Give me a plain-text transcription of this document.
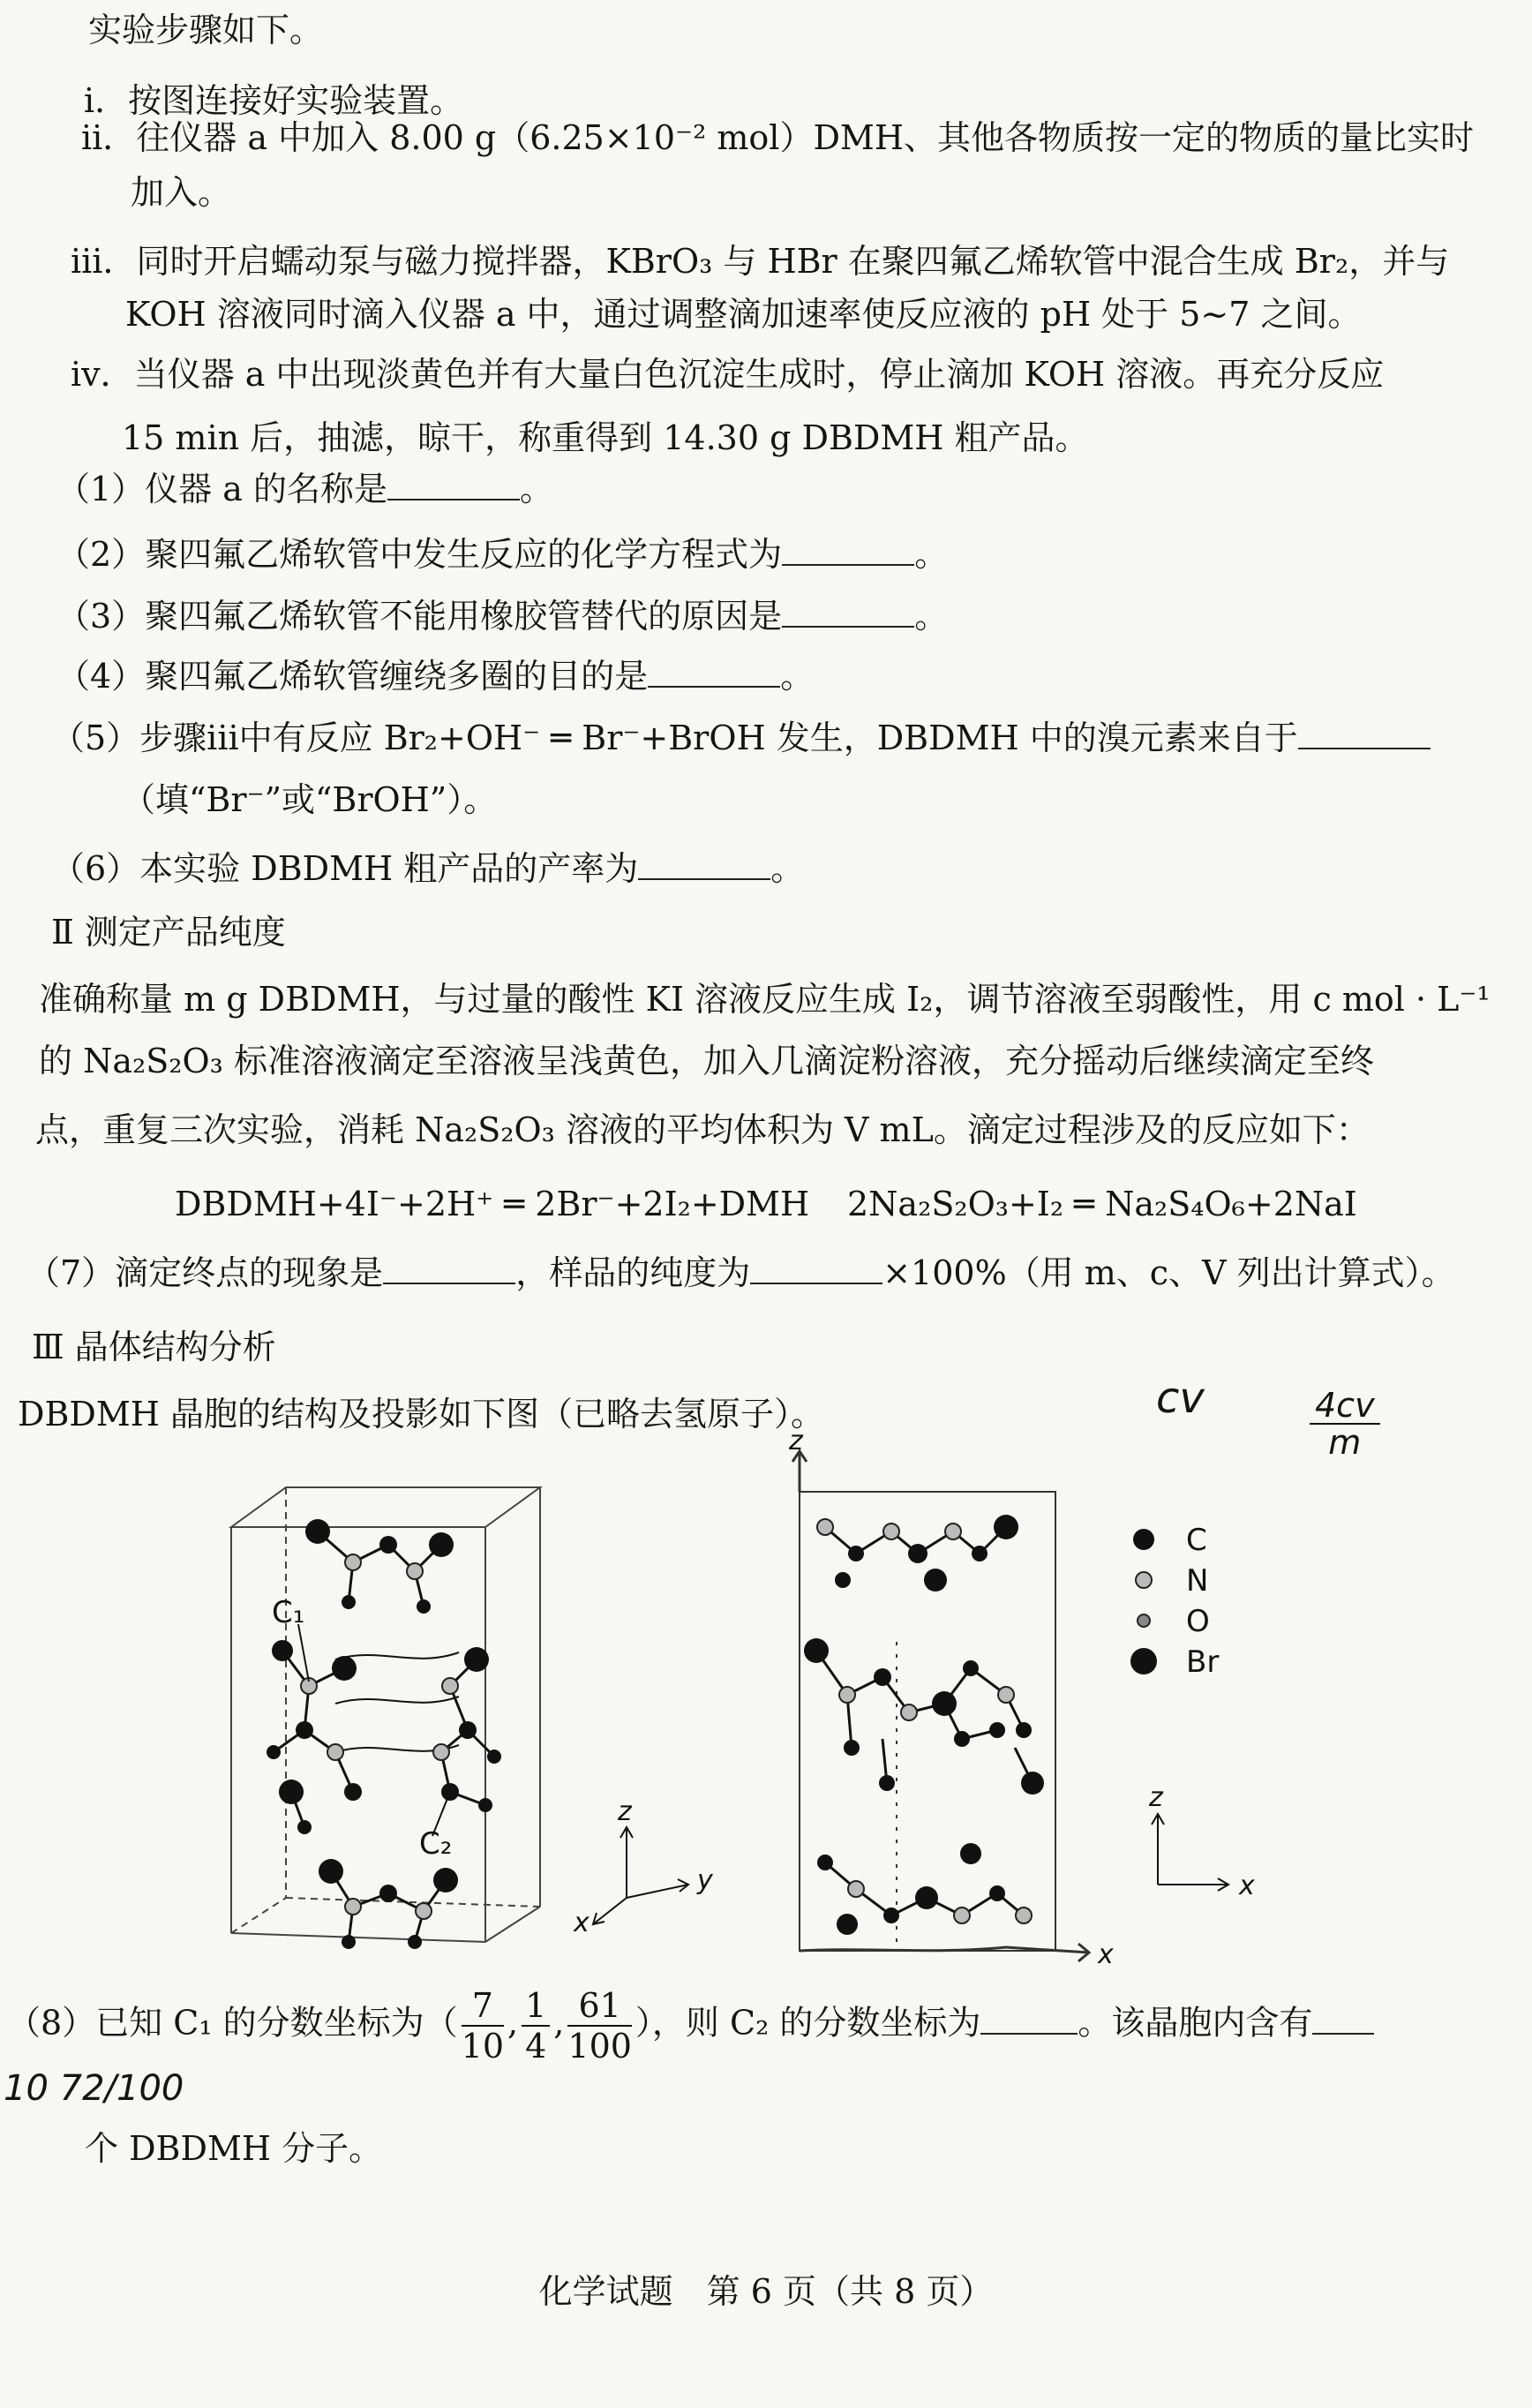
实验步骤如下。
i．按图连接好实验装置。
ii．往仪器 a 中加入 8.00 g（6.25×10⁻² mol）DMH、其他各物质按一定的物质的量比实时
加入。
iii．同时开启蠕动泵与磁力搅拌器，KBrO₃ 与 HBr 在聚四氟乙烯软管中混合生成 Br₂，并与
KOH 溶液同时滴入仪器 a 中，通过调整滴加速率使反应液的 pH 处于 5~7 之间。
iv．当仪器 a 中出现淡黄色并有大量白色沉淀生成时，停止滴加 KOH 溶液。再充分反应
15 min 后，抽滤，晾干，称重得到 14.30 g DBDMH 粗产品。
（1）仪器 a 的名称是	。
（2）聚四氟乙烯软管中发生反应的化学方程式为	。
（3）聚四氟乙烯软管不能用橡胶管替代的原因是	。
（4）聚四氟乙烯软管缠绕多圈的目的是	。
（5）步骤iii中有反应 Br₂+OH⁻ ═ Br⁻+BrOH 发生，DBDMH 中的溴元素来自于
（填“Br⁻”或“BrOH”）。
（6）本实验 DBDMH 粗产品的产率为	。
Ⅱ 测定产品纯度
准确称量 m g DBDMH，与过量的酸性 KI 溶液反应生成 I₂，调节溶液至弱酸性，用 c mol · L⁻¹
的 Na₂S₂O₃ 标准溶液滴定至溶液呈浅黄色，加入几滴淀粉溶液，充分摇动后继续滴定至终
点，重复三次实验，消耗 Na₂S₂O₃ 溶液的平均体积为 V mL。滴定过程涉及的反应如下：
DBDMH+4I⁻+2H⁺ ═ 2Br⁻+2I₂+DMH 2Na₂S₂O₃+I₂ ═ Na₂S₄O₆+2NaI
（7）滴定终点的现象是	，样品的纯度为	×100%（用 m、c、V 列出计算式）。
Ⅲ 晶体结构分析
DBDMH 晶胞的结构及投影如下图（已略去氢原子）。	cv	$\frac{4cv}{m}$
C₁
C₂
z
y
x
z
x
C
N
O
Br
z
x
（8）已知 C₁ 的分数坐标为（ $\frac{7}{10}$ , $\frac{1}{4}$ , $\frac{61}{100}$ ），则 C₂ 的分数坐标为	。该晶胞内含有
10 72/100
个 DBDMH 分子。
化学试题　第 6 页（共 8 页）
